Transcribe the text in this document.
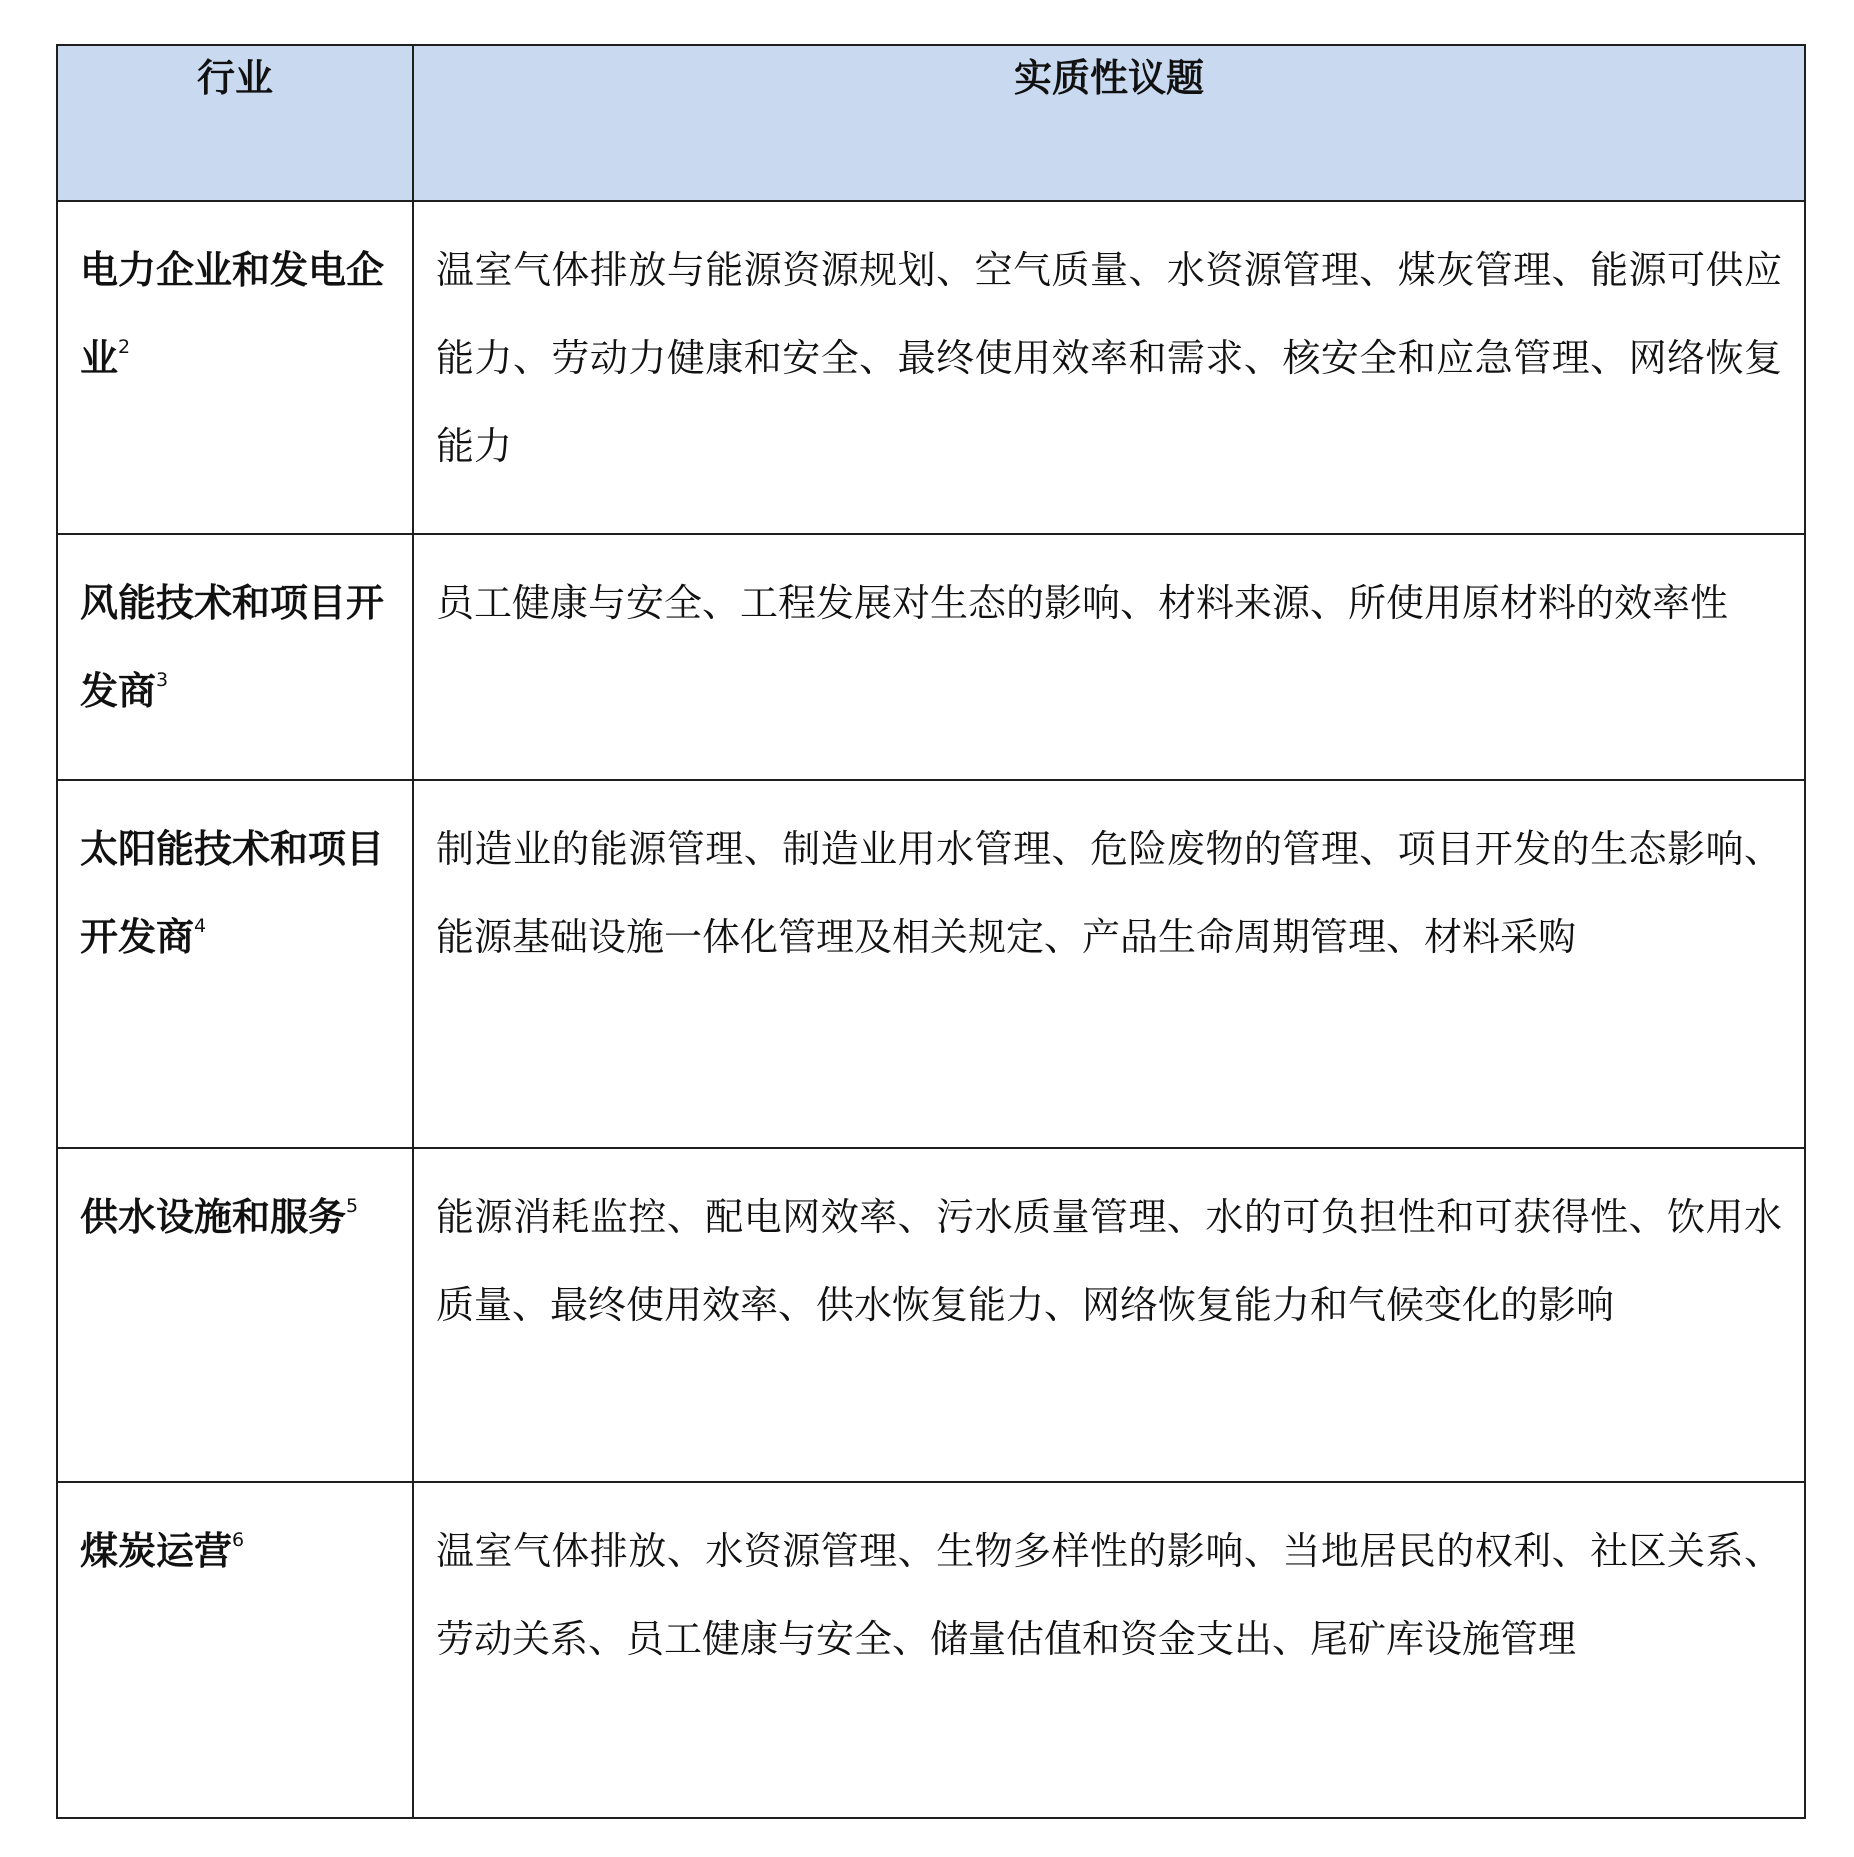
行业	实质性议题
电力企业和发电企业$^2$	温室气体排放与能源资源规划、空气质量、水资源管理、煤灰管理、能源可供应能力、劳动力健康和安全、最终使用效率和需求、核安全和应急管理、网络恢复能力
风能技术和项目开发商$^3$	员工健康与安全、工程发展对生态的影响、材料来源、所使用原材料的效率性
太阳能技术和项目开发商$^4$	制造业的能源管理、制造业用水管理、危险废物的管理、项目开发的生态影响、能源基础设施一体化管理及相关规定、产品生命周期管理、材料采购
供水设施和服务$^5$	能源消耗监控、配电网效率、污水质量管理、水的可负担性和可获得性、饮用水质量、最终使用效率、供水恢复能力、网络恢复能力和气候变化的影响
煤炭运营$^6$	温室气体排放、水资源管理、生物多样性的影响、当地居民的权利、社区关系、劳动关系、员工健康与安全、储量估值和资金支出、尾矿库设施管理
